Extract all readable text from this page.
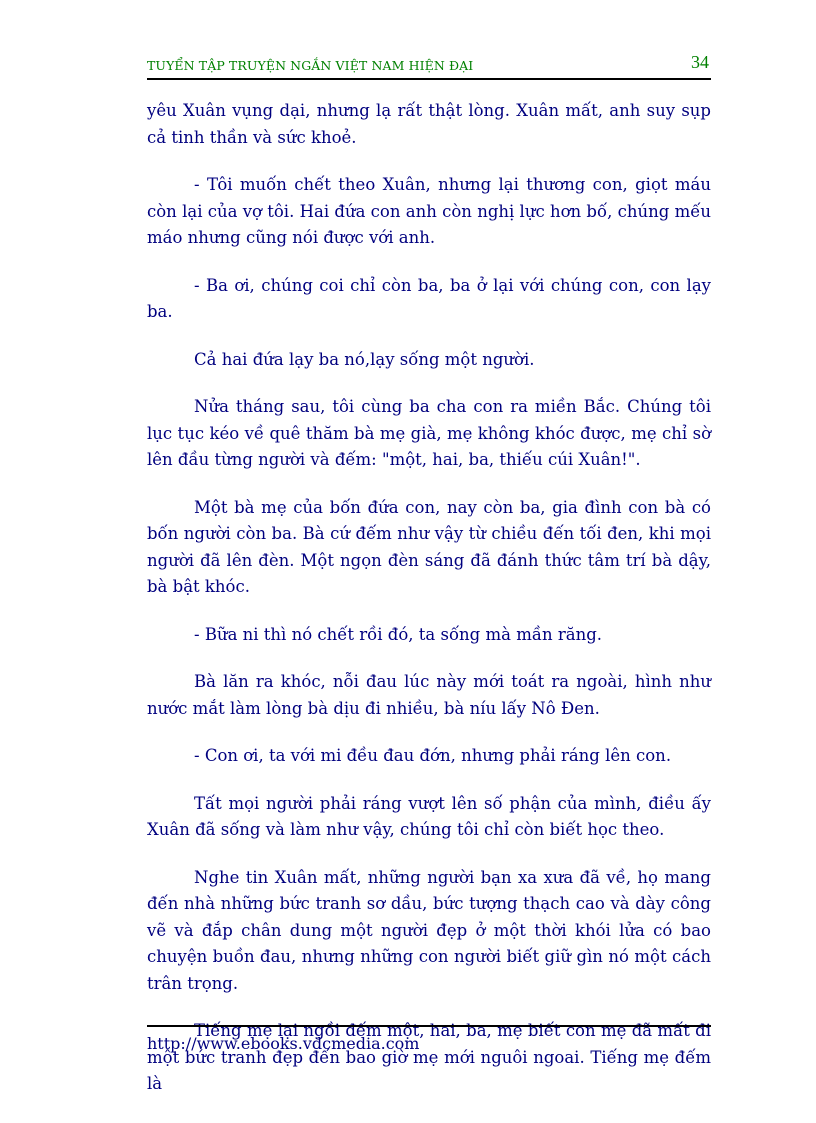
TUYỂN TẬP TRUYỆN NGẮN VIỆT NAM HIỆN ĐẠI	34

yêu Xuân vụng dại, nhưng lạ rất thật lòng. Xuân mất, anh suy sụp cả tinh thần và sức khoẻ.

- Tôi muốn chết theo Xuân, nhưng lại thương con, giọt máu còn lại của vợ tôi. Hai đứa con anh còn nghị lực hơn bố, chúng mếu máo nhưng cũng nói được với anh.

- Ba ơi, chúng coi chỉ còn ba, ba ở lại với chúng con, con lạy ba.

Cả hai đứa lạy ba nó,lạy sống một người.

Nửa tháng sau, tôi cùng ba cha con ra miền Bắc. Chúng tôi lục tục kéo về quê thăm bà mẹ già, mẹ không khóc được, mẹ chỉ sờ lên đầu từng người và đếm: "một, hai, ba, thiếu cúi Xuân!".

Một bà mẹ của bốn đứa con, nay còn ba, gia đình con bà có bốn người còn ba. Bà cứ đếm như vậy từ chiều đến tối đen, khi mọi người đã lên đèn. Một ngọn đèn sáng đã đánh thức tâm trí bà dậy, bà bật khóc.

- Bữa ni thì nó chết rồi đó, ta sống mà mần răng.

Bà lăn ra khóc, nỗi đau lúc này mới toát ra ngoài, hình như nước mắt làm lòng bà dịu đi nhiều, bà níu lấy Nô Đen.

- Con ơi, ta với mi đều đau đớn, nhưng phải ráng lên con.

Tất mọi người phải ráng vượt lên số phận của mình, điều ấy Xuân đã sống và làm như vậy, chúng tôi chỉ còn biết học theo.

Nghe tin Xuân mất, những người bạn xa xưa đã về, họ mang đến nhà những bức tranh sơ dầu, bức tượng thạch cao và dày công vẽ và đắp chân dung một người đẹp ở một thời khói lửa có bao chuyện buồn đau, nhưng những con người biết giữ gìn nó một cách trân trọng.

Tiếng mẹ lại ngồi đếm một, hai, ba, mẹ biết con mẹ đã mất đi một bức tranh đẹp đến bao giờ mẹ mới nguôi ngoai. Tiếng mẹ đếm là

http://www.ebooks.vdcmedia.com
